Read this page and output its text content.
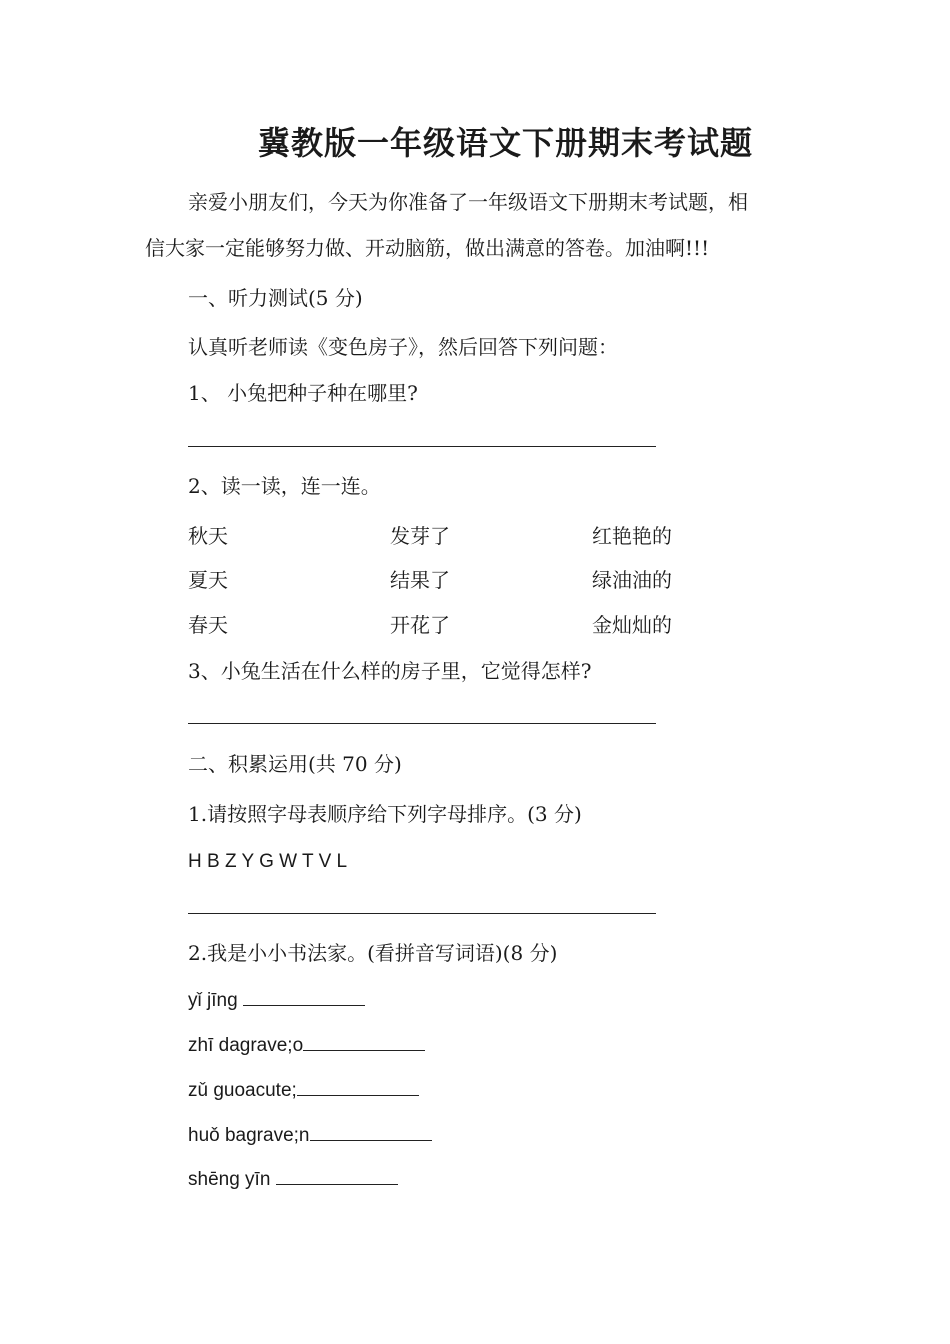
冀教版一年级语文下册期末考试题
亲爱小朋友们，今天为你准备了一年级语文下册期末考试题，相
信大家一定能够努力做、开动脑筋，做出满意的答卷。加油啊!!!
一、听力测试(5 分)
认真听老师读《变色房子》，然后回答下列问题：
1、 小兔把种子种在哪里?
2、读一读，连一连。
秋天	发芽了	红艳艳的
夏天	结果了	绿油油的
春天	开花了	金灿灿的
3、小兔生活在什么样的房子里，它觉得怎样?
二、积累运用(共 70 分)
1.请按照字母表顺序给下列字母排序。(3 分)
H B Z Y G W T V L
2.我是小小书法家。(看拼音写词语)(8 分)
yǐ jīng
zhī dagrave;o
zǔ guoacute;
huǒ bagrave;n
shēng yīn
